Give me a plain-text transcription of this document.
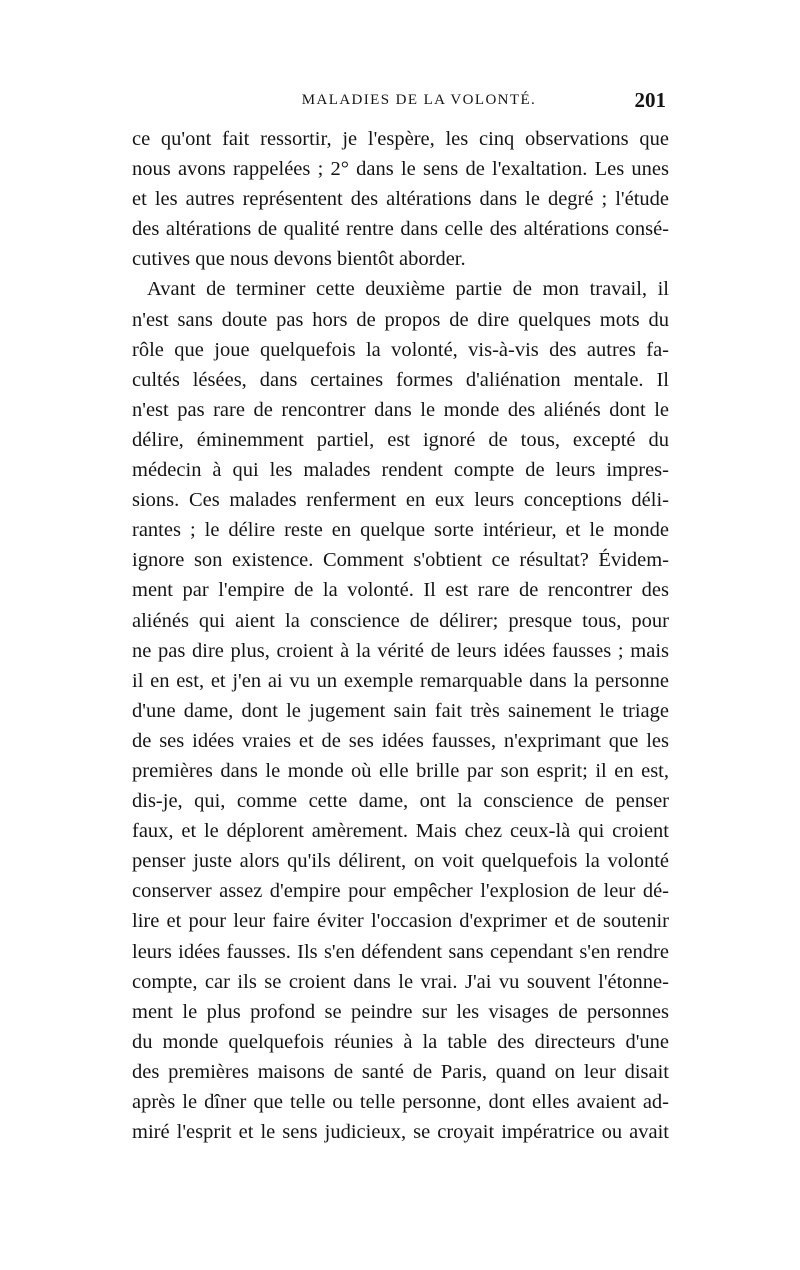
MALADIES DE LA VOLONTÉ.	201
ce qu'ont fait ressortir, je l'espère, les cinq observations que
nous avons rappelées ; 2° dans le sens de l'exaltation. Les unes
et les autres représentent des altérations dans le degré ; l'étude
des altérations de qualité rentre dans celle des altérations consé-
cutives que nous devons bientôt aborder.
Avant de terminer cette deuxième partie de mon travail, il
n'est sans doute pas hors de propos de dire quelques mots du
rôle que joue quelquefois la volonté, vis-à-vis des autres fa-
cultés lésées, dans certaines formes d'aliénation mentale. Il
n'est pas rare de rencontrer dans le monde des aliénés dont le
délire, éminemment partiel, est ignoré de tous, excepté du
médecin à qui les malades rendent compte de leurs impres-
sions. Ces malades renferment en eux leurs conceptions déli-
rantes ; le délire reste en quelque sorte intérieur, et le monde
ignore son existence. Comment s'obtient ce résultat? Évidem-
ment par l'empire de la volonté. Il est rare de rencontrer des
aliénés qui aient la conscience de délirer; presque tous, pour
ne pas dire plus, croient à la vérité de leurs idées fausses ; mais
il en est, et j'en ai vu un exemple remarquable dans la personne
d'une dame, dont le jugement sain fait très sainement le triage
de ses idées vraies et de ses idées fausses, n'exprimant que les
premières dans le monde où elle brille par son esprit; il en est,
dis-je, qui, comme cette dame, ont la conscience de penser
faux, et le déplorent amèrement. Mais chez ceux-là qui croient
penser juste alors qu'ils délirent, on voit quelquefois la volonté
conserver assez d'empire pour empêcher l'explosion de leur dé-
lire et pour leur faire éviter l'occasion d'exprimer et de soutenir
leurs idées fausses. Ils s'en défendent sans cependant s'en rendre
compte, car ils se croient dans le vrai. J'ai vu souvent l'étonne-
ment le plus profond se peindre sur les visages de personnes
du monde quelquefois réunies à la table des directeurs d'une
des premières maisons de santé de Paris, quand on leur disait
après le dîner que telle ou telle personne, dont elles avaient ad-
miré l'esprit et le sens judicieux, se croyait impératrice ou avait
